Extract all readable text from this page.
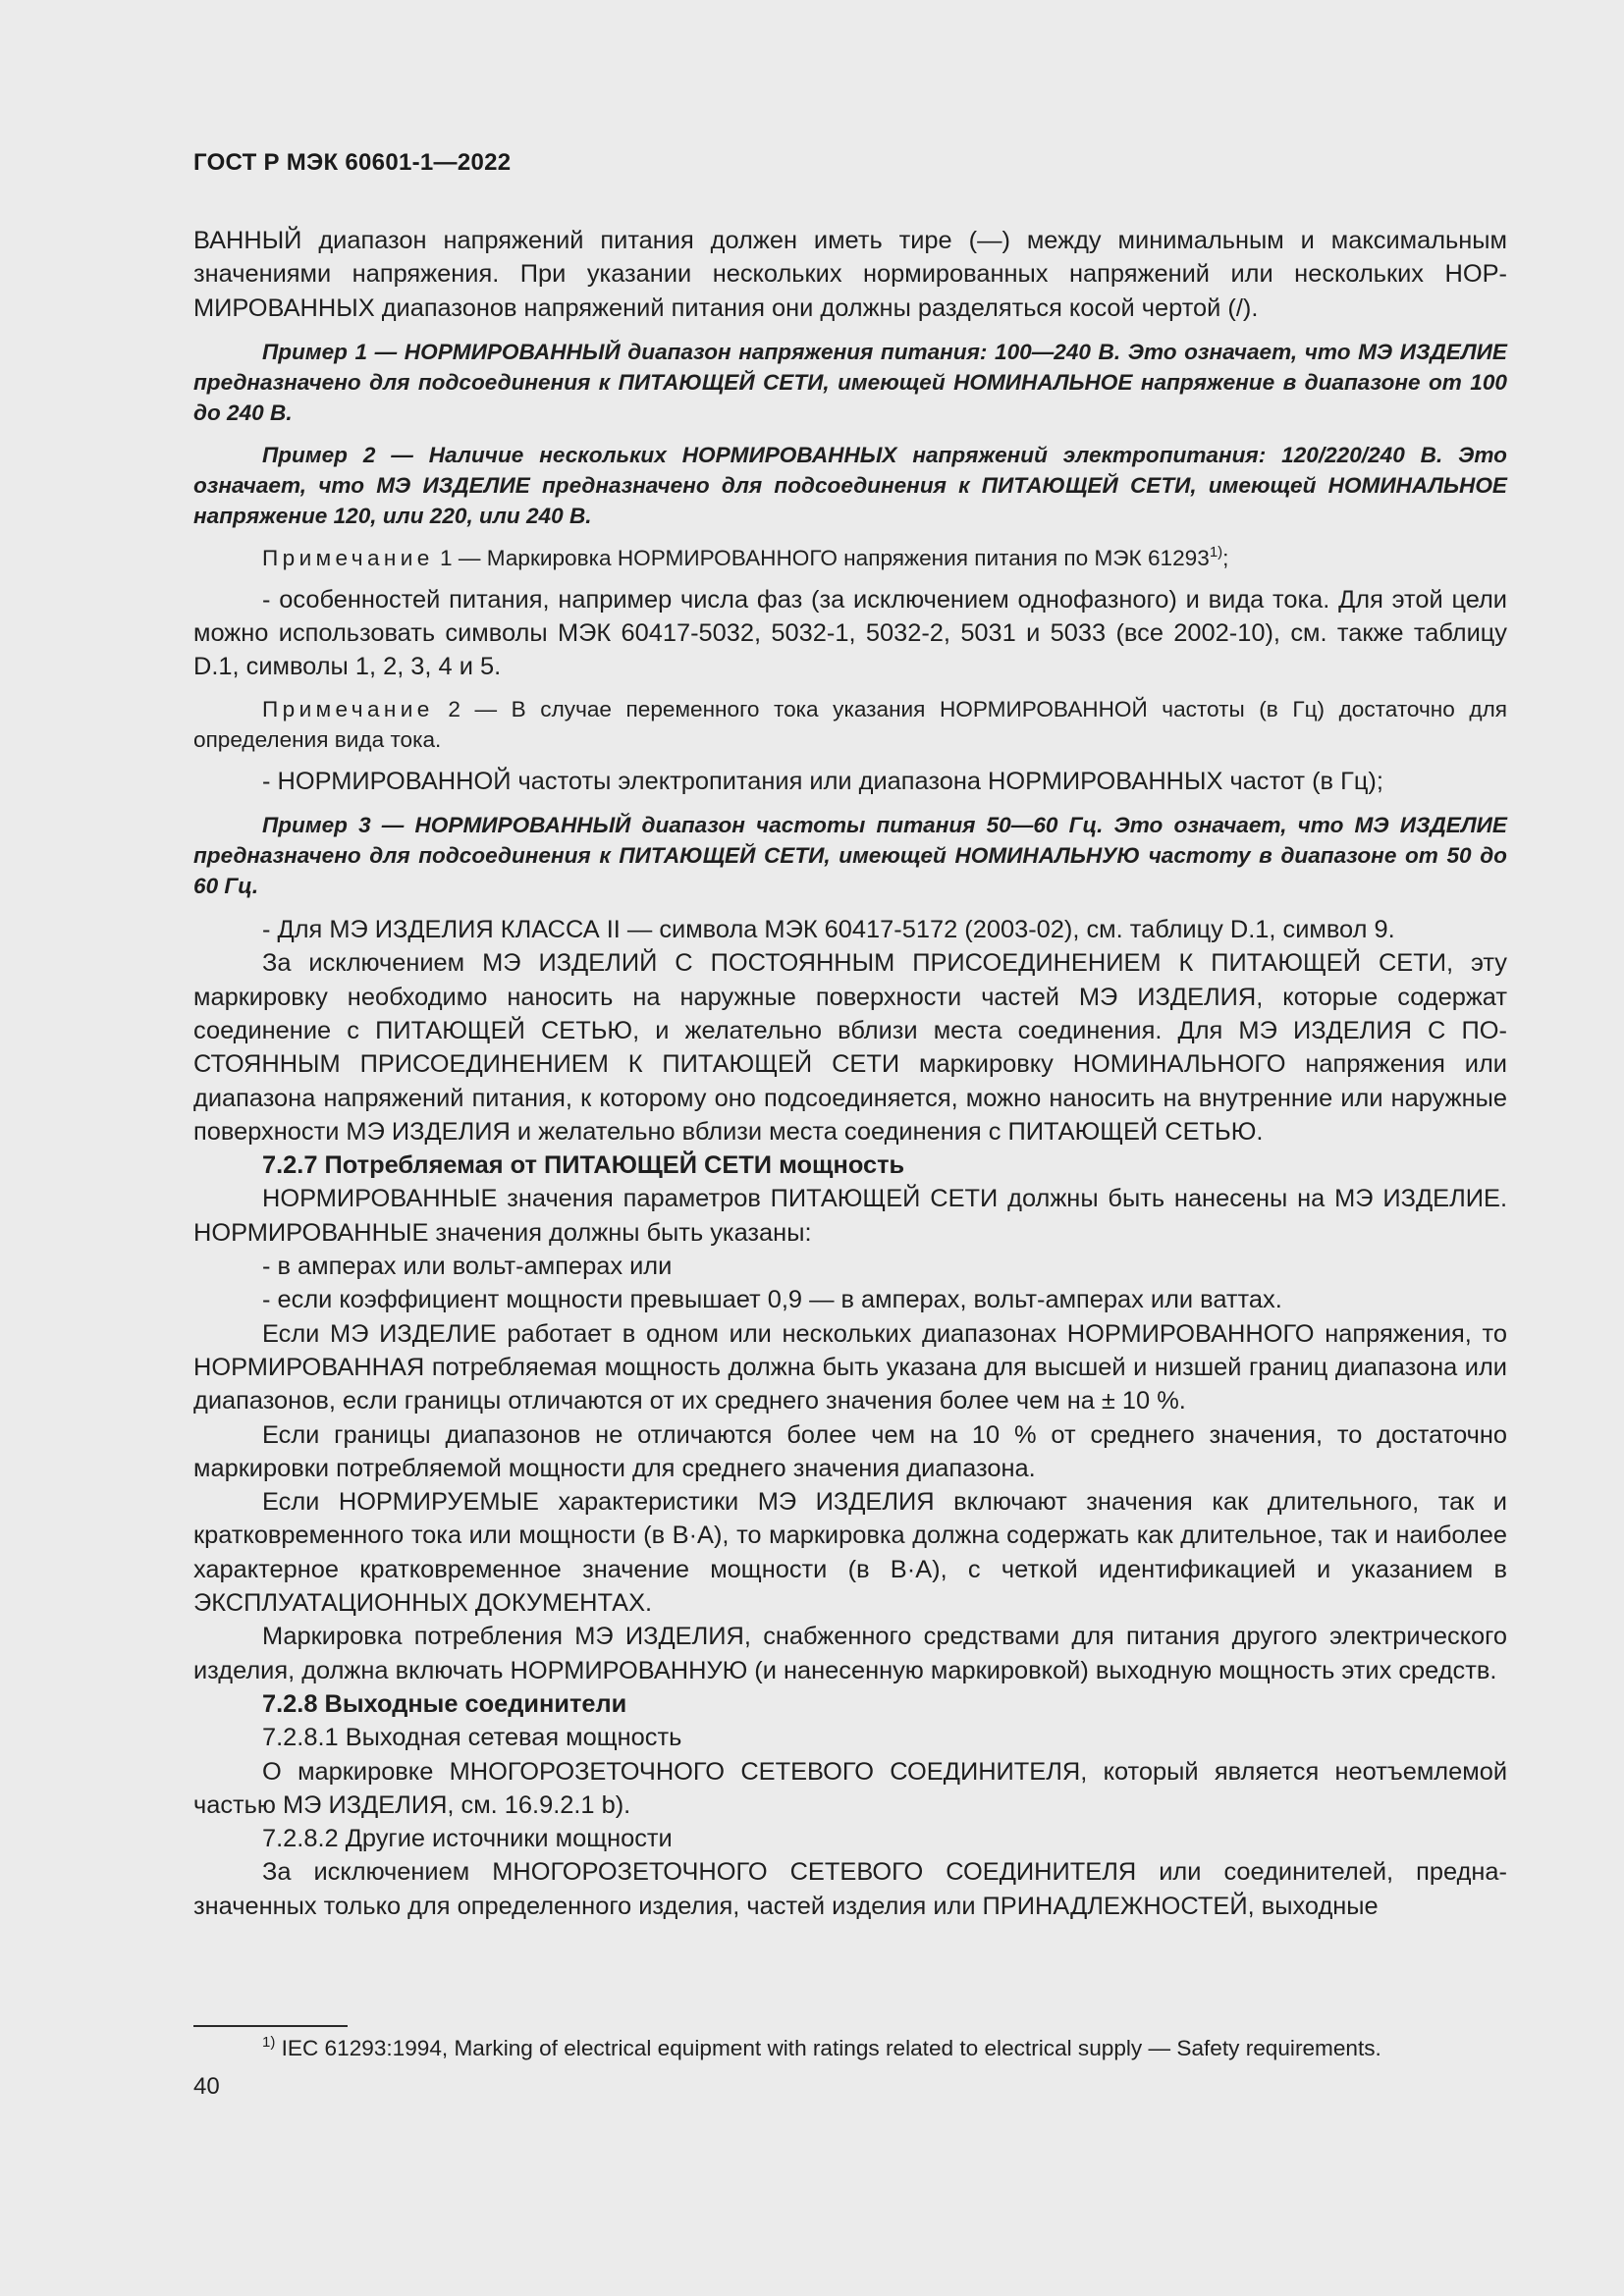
ГОСТ Р МЭК 60601-1—2022

ВАННЫЙ диапазон напряжений питания должен иметь тире (—) между минимальным и максимальным значениями напряжения. При указании нескольких нормированных напряжений или нескольких НОРМИРОВАННЫХ диапазонов напряжений питания они должны разделяться косой чертой (/).

Пример 1 — НОРМИРОВАННЫЙ диапазон напряжения питания: 100—240 В. Это означает, что МЭ ИЗДЕЛИЕ предназначено для подсоединения к ПИТАЮЩЕЙ СЕТИ, имеющей НОМИНАЛЬНОЕ напряжение в диапазоне от 100 до 240 В.

Пример 2 — Наличие нескольких НОРМИРОВАННЫХ напряжений электропитания: 120/220/240 В. Это означает, что МЭ ИЗДЕЛИЕ предназначено для подсоединения к ПИТАЮЩЕЙ СЕТИ, имеющей НОМИНАЛЬНОЕ напряжение 120, или 220, или 240 В.

Примечание 1 — Маркировка НОРМИРОВАННОГО напряжения питания по МЭК 61293$^{1)}$;

- особенностей питания, например числа фаз (за исключением однофазного) и вида тока. Для этой цели можно использовать символы МЭК 60417-5032, 5032-1, 5032-2, 5031 и 5033 (все 2002-10), см. также таблицу D.1, символы 1, 2, 3, 4 и 5.

Примечание 2 — В случае переменного тока указания НОРМИРОВАННОЙ частоты (в Гц) достаточно для определения вида тока.

- НОРМИРОВАННОЙ частоты электропитания или диапазона НОРМИРОВАННЫХ частот (в Гц);

Пример 3 — НОРМИРОВАННЫЙ диапазон частоты питания 50—60 Гц. Это означает, что МЭ ИЗДЕЛИЕ предназначено для подсоединения к ПИТАЮЩЕЙ СЕТИ, имеющей НОМИНАЛЬНУЮ частоту в диапазоне от 50 до 60 Гц.

- Для МЭ ИЗДЕЛИЯ КЛАССА II — символа МЭК 60417-5172 (2003-02), см. таблицу D.1, символ 9.

За исключением МЭ ИЗДЕЛИЙ С ПОСТОЯННЫМ ПРИСОЕДИНЕНИЕМ К ПИТАЮЩЕЙ СЕТИ, эту маркировку необходимо наносить на наружные поверхности частей МЭ ИЗДЕЛИЯ, которые содержат соединение с ПИТАЮЩЕЙ СЕТЬЮ, и желательно вблизи места соединения. Для МЭ ИЗДЕЛИЯ С ПОСТОЯННЫМ ПРИСОЕДИНЕНИЕМ К ПИТАЮЩЕЙ СЕТИ маркировку НОМИНАЛЬНОГО напряжения или диапазона напряжений питания, к которому оно подсоединяется, можно наносить на внутренние или наружные поверхности МЭ ИЗДЕЛИЯ и желательно вблизи места соединения с ПИТАЮЩЕЙ СЕТЬЮ.

7.2.7 Потребляемая от ПИТАЮЩЕЙ СЕТИ мощность

НОРМИРОВАННЫЕ значения параметров ПИТАЮЩЕЙ СЕТИ должны быть нанесены на МЭ ИЗДЕЛИЕ. НОРМИРОВАННЫЕ значения должны быть указаны:

- в амперах или вольт-амперах или

- если коэффициент мощности превышает 0,9 — в амперах, вольт-амперах или ваттах.

Если МЭ ИЗДЕЛИЕ работает в одном или нескольких диапазонах НОРМИРОВАННОГО напряжения, то НОРМИРОВАННАЯ потребляемая мощность должна быть указана для высшей и низшей границ диапазона или диапазонов, если границы отличаются от их среднего значения более чем на ± 10 %.

Если границы диапазонов не отличаются более чем на 10 % от среднего значения, то достаточно маркировки потребляемой мощности для среднего значения диапазона.

Если НОРМИРУЕМЫЕ характеристики МЭ ИЗДЕЛИЯ включают значения как длительного, так и кратковременного тока или мощности (в В·А), то маркировка должна содержать как длительное, так и наиболее характерное кратковременное значение мощности (в В·А), с четкой идентификацией и указанием в ЭКСПЛУАТАЦИОННЫХ ДОКУМЕНТАХ.

Маркировка потребления МЭ ИЗДЕЛИЯ, снабженного средствами для питания другого электрического изделия, должна включать НОРМИРОВАННУЮ (и нанесенную маркировкой) выходную мощность этих средств.

7.2.8 Выходные соединители

7.2.8.1 Выходная сетевая мощность

О маркировке МНОГОРОЗЕТОЧНОГО СЕТЕВОГО СОЕДИНИТЕЛЯ, который является неотъемлемой частью МЭ ИЗДЕЛИЯ, см. 16.9.2.1 b).

7.2.8.2 Другие источники мощности

За исключением МНОГОРОЗЕТОЧНОГО СЕТЕВОГО СОЕДИНИТЕЛЯ или соединителей, предназначенных только для определенного изделия, частей изделия или ПРИНАДЛЕЖНОСТЕЙ, выходные

$^{1)}$ IEC 61293:1994, Marking of electrical equipment with ratings related to electrical supply — Safety requirements.
40
